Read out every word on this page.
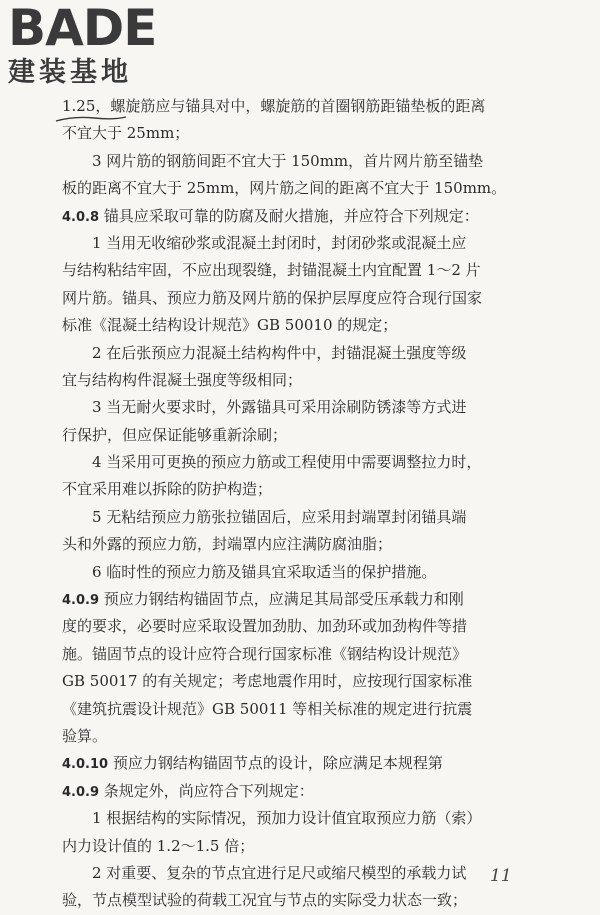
BADE
建装基地
1.25，螺旋筋应与锚具对中，螺旋筋的首圈钢筋距锚垫板的距离
不宜大于 25mm；
3 网片筋的钢筋间距不宜大于 150mm，首片网片筋至锚垫
板的距离不宜大于 25mm，网片筋之间的距离不宜大于 150mm。
4.0.8 锚具应采取可靠的防腐及耐火措施，并应符合下列规定：
1 当用无收缩砂浆或混凝土封闭时，封闭砂浆或混凝土应
与结构粘结牢固，不应出现裂缝，封锚混凝土内宜配置 1～2 片
网片筋。锚具、预应力筋及网片筋的保护层厚度应符合现行国家
标准《混凝土结构设计规范》GB 50010 的规定；
2 在后张预应力混凝土结构构件中，封锚混凝土强度等级
宜与结构构件混凝土强度等级相同；
3 当无耐火要求时，外露锚具可采用涂刷防锈漆等方式进
行保护，但应保证能够重新涂刷；
4 当采用可更换的预应力筋或工程使用中需要调整拉力时，
不宜采用难以拆除的防护构造；
5 无粘结预应力筋张拉锚固后，应采用封端罩封闭锚具端
头和外露的预应力筋，封端罩内应注满防腐油脂；
6 临时性的预应力筋及锚具宜采取适当的保护措施。
4.0.9 预应力钢结构锚固节点，应满足其局部受压承载力和刚
度的要求，必要时应采取设置加劲肋、加劲环或加劲构件等措
施。锚固节点的设计应符合现行国家标准《钢结构设计规范》
GB 50017 的有关规定；考虑地震作用时，应按现行国家标准
《建筑抗震设计规范》GB 50011 等相关标准的规定进行抗震
验算。
4.0.10 预应力钢结构锚固节点的设计，除应满足本规程第
4.0.9 条规定外，尚应符合下列规定：
1 根据结构的实际情况，预加力设计值宜取预应力筋（索）
内力设计值的 1.2～1.5 倍；
2 对重要、复杂的节点宜进行足尺或缩尺模型的承载力试
验，节点模型试验的荷载工况宜与节点的实际受力状态一致；
11
